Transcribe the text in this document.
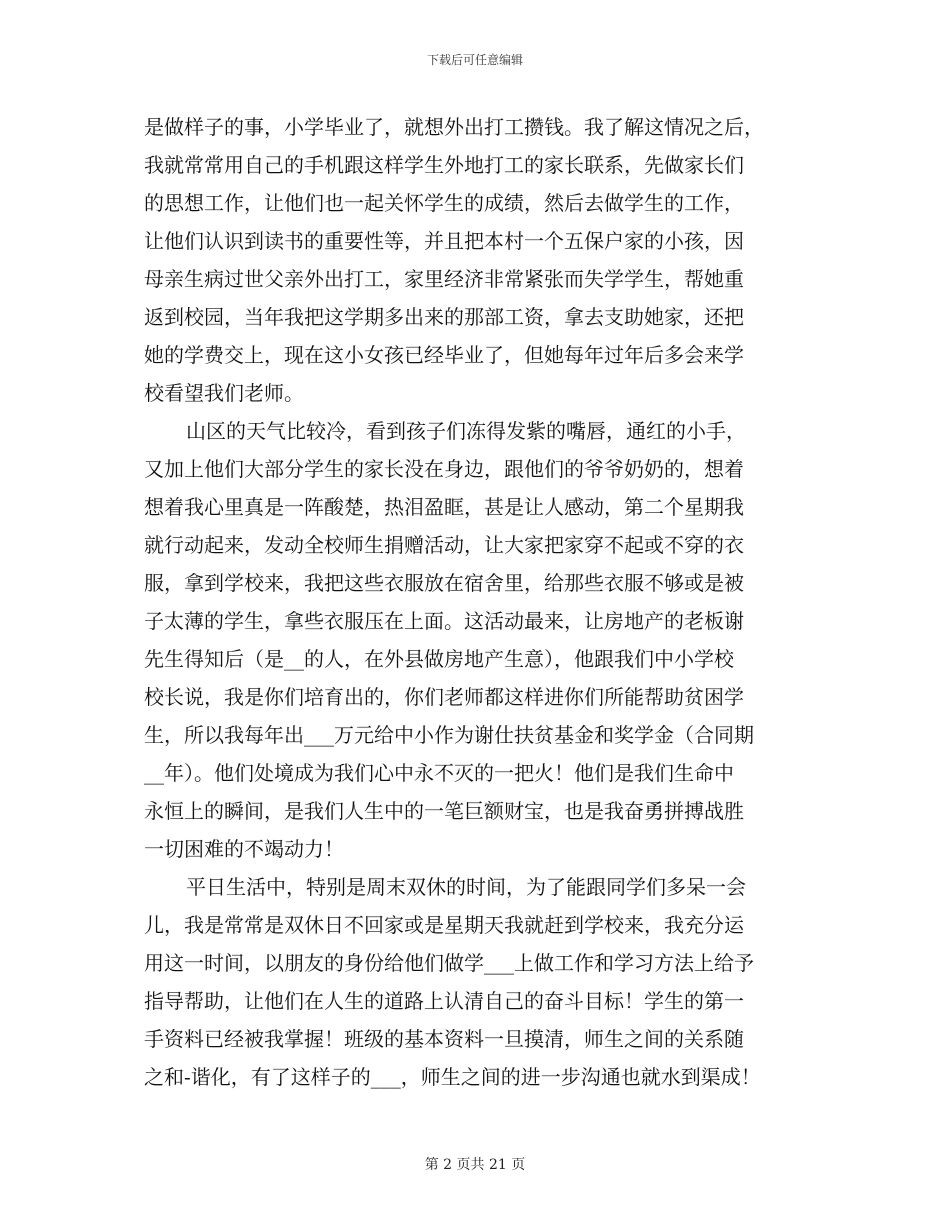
下载后可任意编辑
是做样子的事，小学毕业了，就想外出打工攒钱。我了解这情况之后，
我就常常用自己的手机跟这样学生外地打工的家长联系，先做家长们
的思想工作，让他们也一起关怀学生的成绩，然后去做学生的工作，
让他们认识到读书的重要性等，并且把本村一个五保户家的小孩，因
母亲生病过世父亲外出打工，家里经济非常紧张而失学学生，帮她重
返到校园，当年我把这学期多出来的那部工资，拿去支助她家，还把
她的学费交上，现在这小女孩已经毕业了，但她每年过年后多会来学
校看望我们老师。
山区的天气比较冷，看到孩子们冻得发紫的嘴唇，通红的小手，
又加上他们大部分学生的家长没在身边，跟他们的爷爷奶奶的，想着
想着我心里真是一阵酸楚，热泪盈眶，甚是让人感动，第二个星期我
就行动起来，发动全校师生捐赠活动，让大家把家穿不起或不穿的衣
服，拿到学校来，我把这些衣服放在宿舍里，给那些衣服不够或是被
子太薄的学生，拿些衣服压在上面。这活动最来，让房地产的老板谢
先生得知后（是__的人，在外县做房地产生意），他跟我们中小学校
校长说，我是你们培育出的，你们老师都这样进你们所能帮助贫困学
生，所以我每年出___万元给中小作为谢仕扶贫基金和奖学金（合同期
__年）。他们处境成为我们心中永不灭的一把火！他们是我们生命中
永恒上的瞬间，是我们人生中的一笔巨额财宝，也是我奋勇拼搏战胜
一切困难的不竭动力！
平日生活中，特别是周末双休的时间，为了能跟同学们多呆一会
儿，我是常常是双休日不回家或是星期天我就赶到学校来，我充分运
用这一时间，以朋友的身份给他们做学___上做工作和学习方法上给予
指导帮助，让他们在人生的道路上认清自己的奋斗目标！学生的第一
手资料已经被我掌握！班级的基本资料一旦摸清，师生之间的关系随
之和-谐化，有了这样子的___，师生之间的进一步沟通也就水到渠成！
第 2 页共 21 页
